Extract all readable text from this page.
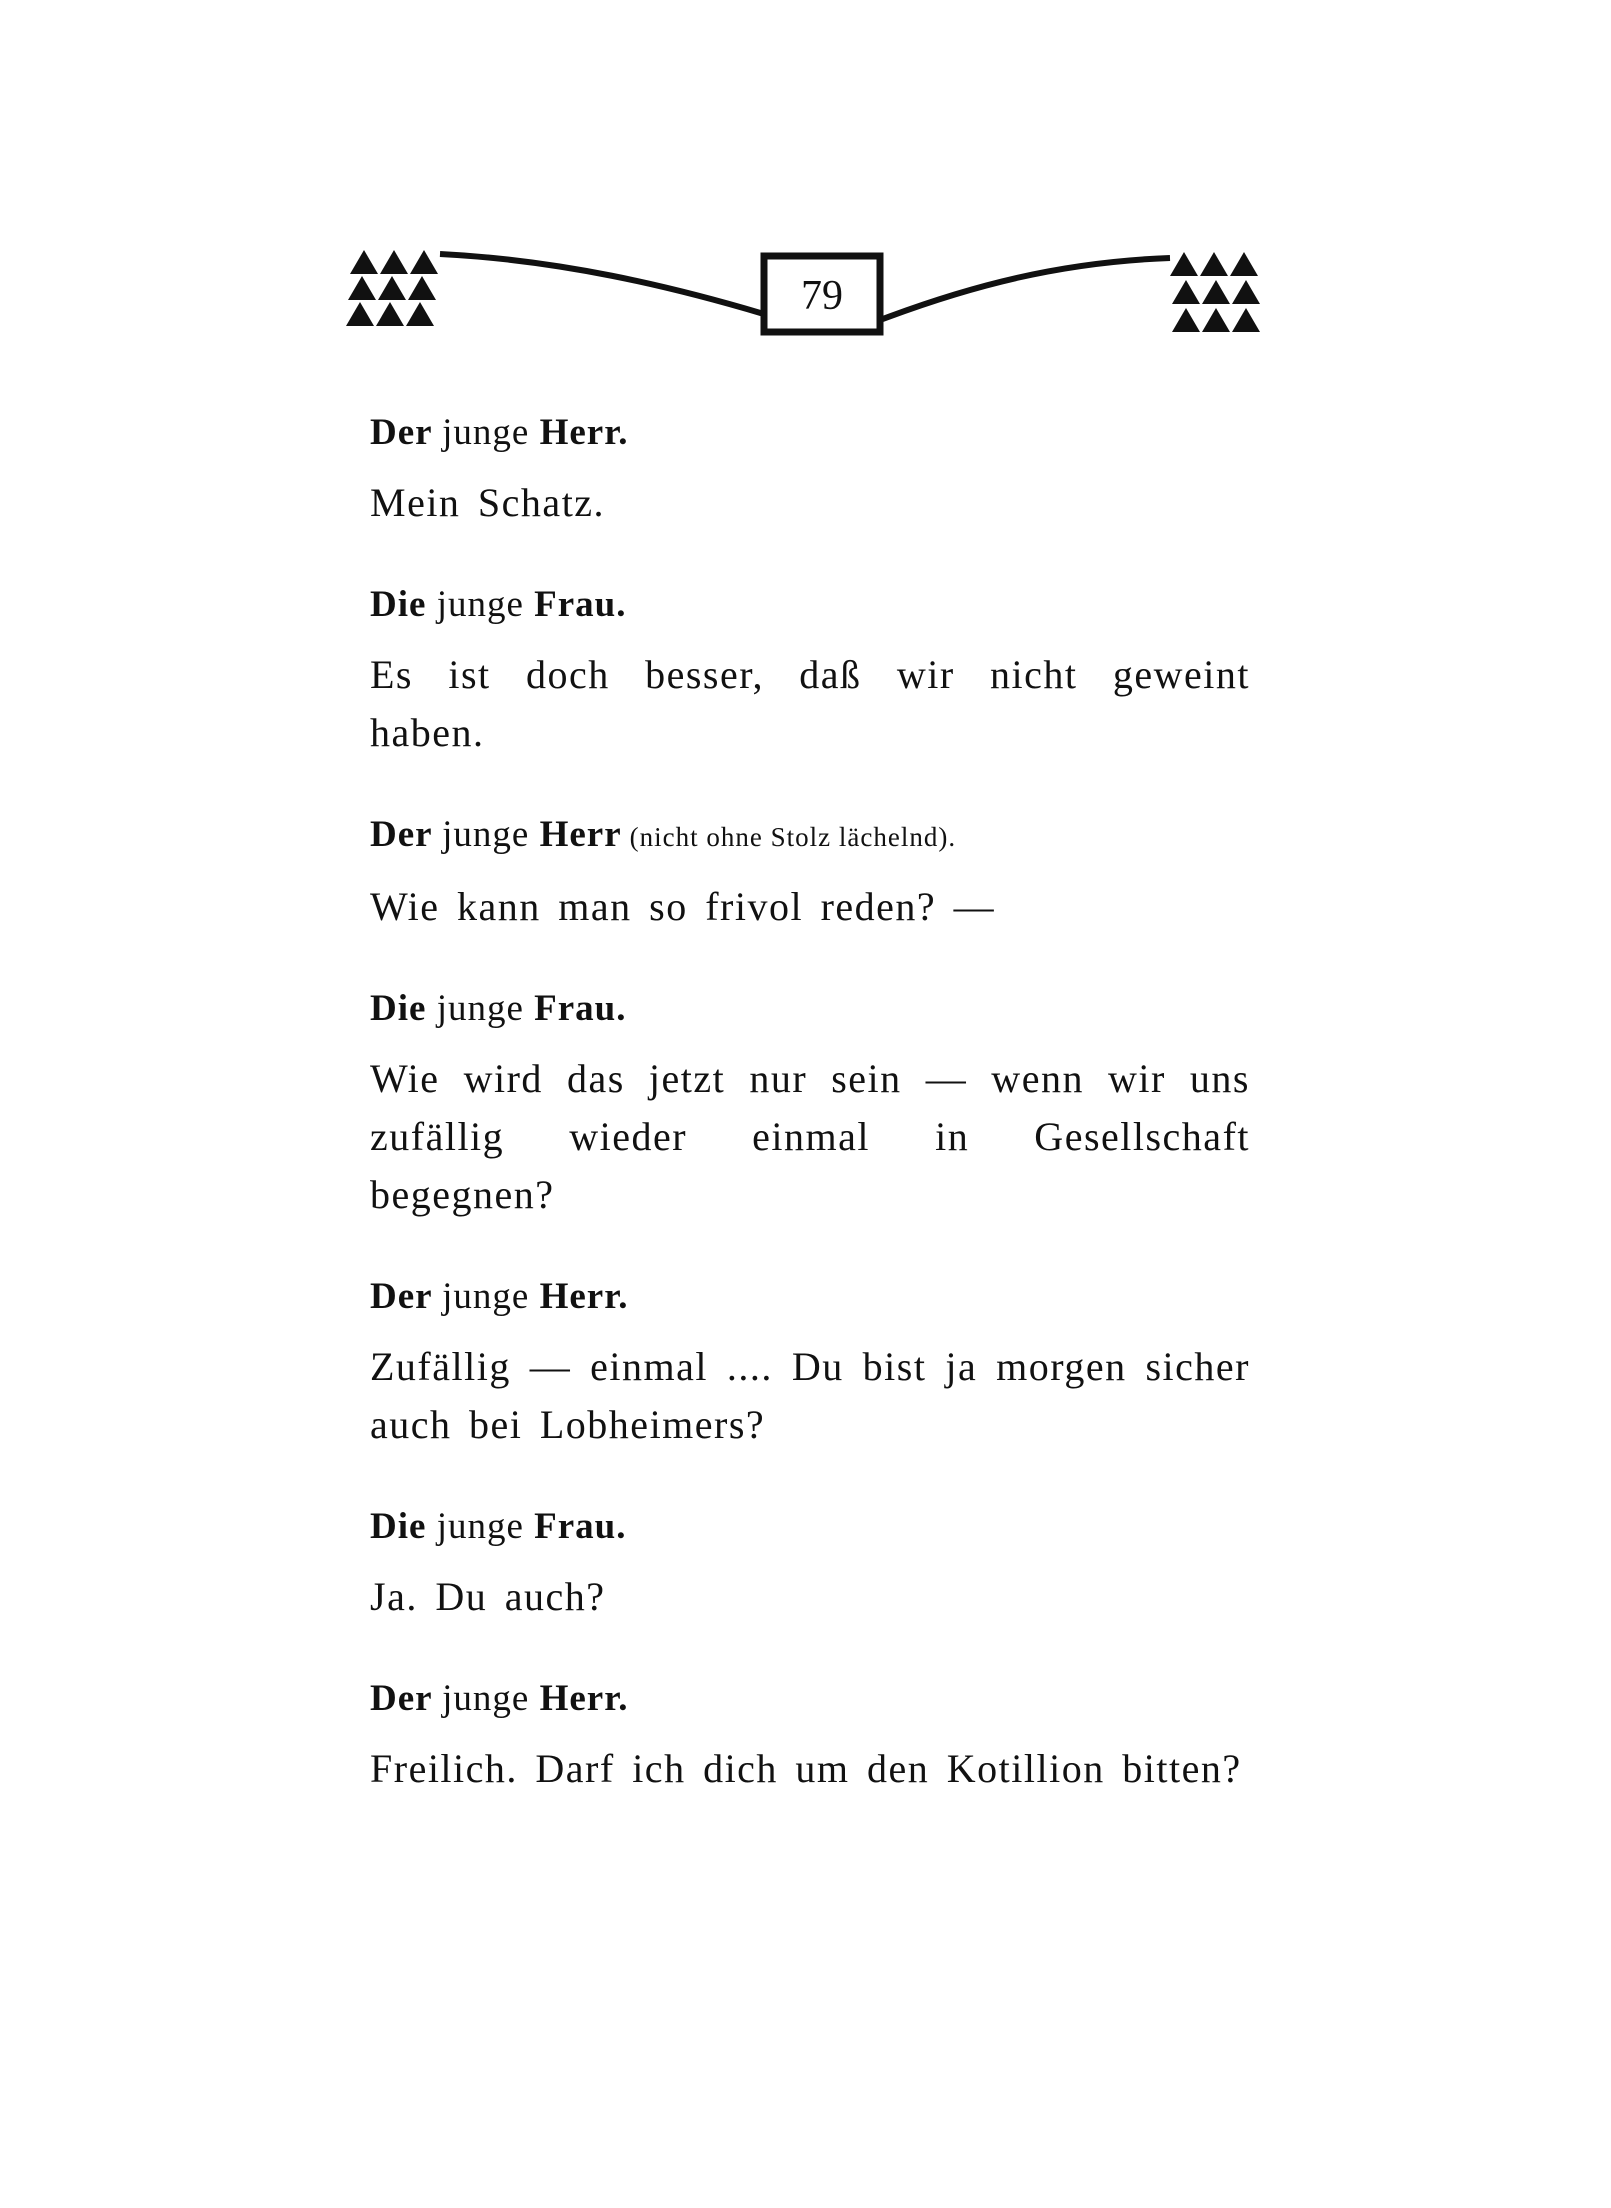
79
Der junge Herr.
Mein Schatz.
Die junge Frau.
Es ist doch besser, daß wir nicht geweint haben.
Der junge Herr (nicht ohne Stolz lächelnd).
Wie kann man so frivol reden? —
Die junge Frau.
Wie wird das jetzt nur sein — wenn wir uns zufällig wieder einmal in Gesellschaft begegnen?
Der junge Herr.
Zufällig — einmal .... Du bist ja morgen sicher auch bei Lobheimers?
Die junge Frau.
Ja. Du auch?
Der junge Herr.
Freilich. Darf ich dich um den Kotillion bitten?
